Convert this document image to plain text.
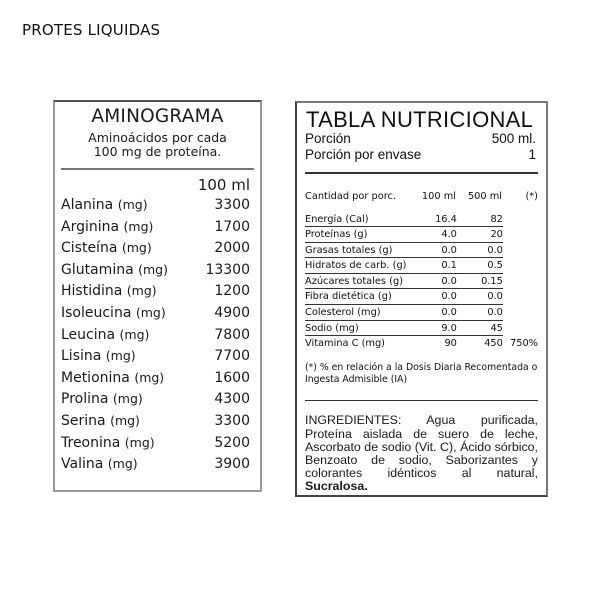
PROTES LIQUIDAS
AMINOGRAMA
Aminoácidos por cada
100 mg de proteína.
100 ml
Alanina (mg)	3300
Arginina (mg)	1700
Cisteína (mg)	2000
Glutamina (mg)	13300
Histidina (mg)	1200
Isoleucina (mg)	4900
Leucina (mg)	7800
Lisina (mg)	7700
Metionina (mg)	1600
Prolina (mg)	4300
Serina (mg)	3300
Treonina (mg)	5200
Valina (mg)	3900
TABLA NUTRICIONAL
Porción	500 ml.
Porción por envase	1
Cantidad por porc.	100 ml	500 ml	(*)
Energía (Cal)	16.4	82
Proteínas (g)	4.0	20
Grasas totales (g)	0.0	0.0
Hidratos de carb. (g)	0.1	0.5
Azúcares totales (g)	0.0	0.15
Fibra dietética (g)	0.0	0.0
Colesterol (mg)	0.0	0.0
Sodio (mg)	9.0	45
Vitamina C (mg)	90	450 750%
(*) % en relación a la Dosis Diaria Recomentada o
Ingesta Admisible (IA)
INGREDIENTES: Agua purificada, Proteína aislada de suero de leche, Ascorbato de sodio (Vit. C), Ácido sórbico, Benzoato de sodio, Saborizantes y colorantes idénticos al natural, Sucralosa.
